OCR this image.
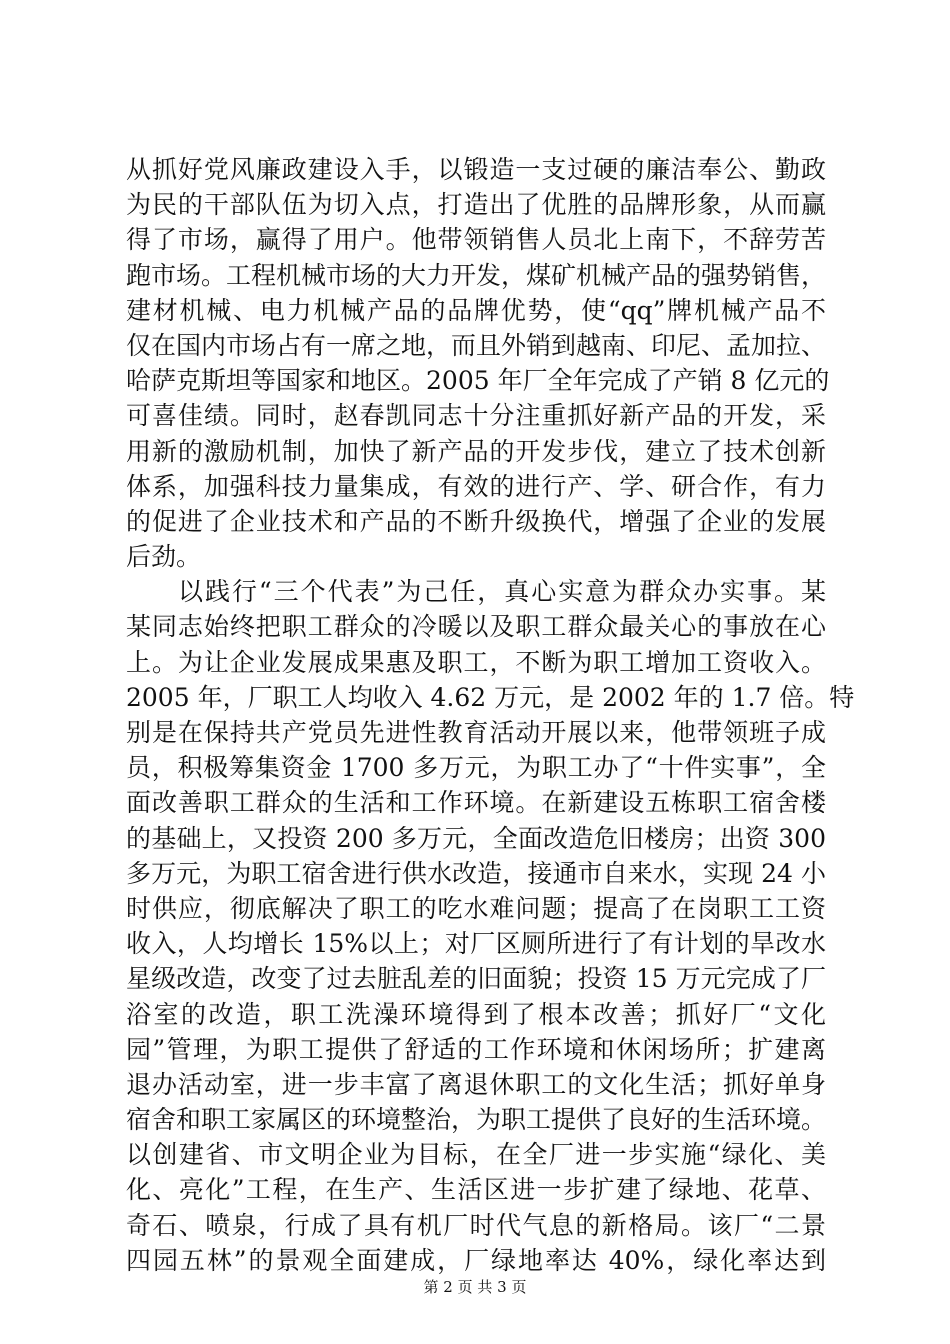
从抓好党风廉政建设入手，以锻造一支过硬的廉洁奉公、勤政
为民的干部队伍为切入点，打造出了优胜的品牌形象，从而赢
得了市场，赢得了用户。他带领销售人员北上南下，不辞劳苦
跑市场。工程机械市场的大力开发，煤矿机械产品的强势销售，
建材机械、电力机械产品的品牌优势，使“qq”牌机械产品不
仅在国内市场占有一席之地，而且外销到越南、印尼、孟加拉、
哈萨克斯坦等国家和地区。2005 年厂全年完成了产销 8 亿元的
可喜佳绩。同时，赵春凯同志十分注重抓好新产品的开发，采
用新的激励机制，加快了新产品的开发步伐，建立了技术创新
体系，加强科技力量集成，有效的进行产、学、研合作，有力
的促进了企业技术和产品的不断升级换代，增强了企业的发展
后劲。
以践行“三个代表”为己任，真心实意为群众办实事。某
某同志始终把职工群众的冷暖以及职工群众最关心的事放在心
上。为让企业发展成果惠及职工，不断为职工增加工资收入。
2005 年，厂职工人均收入 4.62 万元，是 2002 年的 1.7 倍。特
别是在保持共产党员先进性教育活动开展以来，他带领班子成
员，积极筹集资金 1700 多万元，为职工办了“十件实事”，全
面改善职工群众的生活和工作环境。在新建设五栋职工宿舍楼
的基础上，又投资 200 多万元，全面改造危旧楼房；出资 300
多万元，为职工宿舍进行供水改造，接通市自来水，实现 24 小
时供应，彻底解决了职工的吃水难问题；提高了在岗职工工资
收入，人均增长 15%以上；对厂区厕所进行了有计划的旱改水
星级改造，改变了过去脏乱差的旧面貌；投资 15 万元完成了厂
浴室的改造，职工洗澡环境得到了根本改善；抓好厂“文化
园”管理，为职工提供了舒适的工作环境和休闲场所；扩建离
退办活动室，进一步丰富了离退休职工的文化生活；抓好单身
宿舍和职工家属区的环境整治，为职工提供了良好的生活环境。
以创建省、市文明企业为目标，在全厂进一步实施“绿化、美
化、亮化”工程，在生产、生活区进一步扩建了绿地、花草、
奇石、喷泉，行成了具有机厂时代气息的新格局。该厂“二景
四园五林”的景观全面建成，厂绿地率达 40%，绿化率达到
第 2 页 共 3 页
